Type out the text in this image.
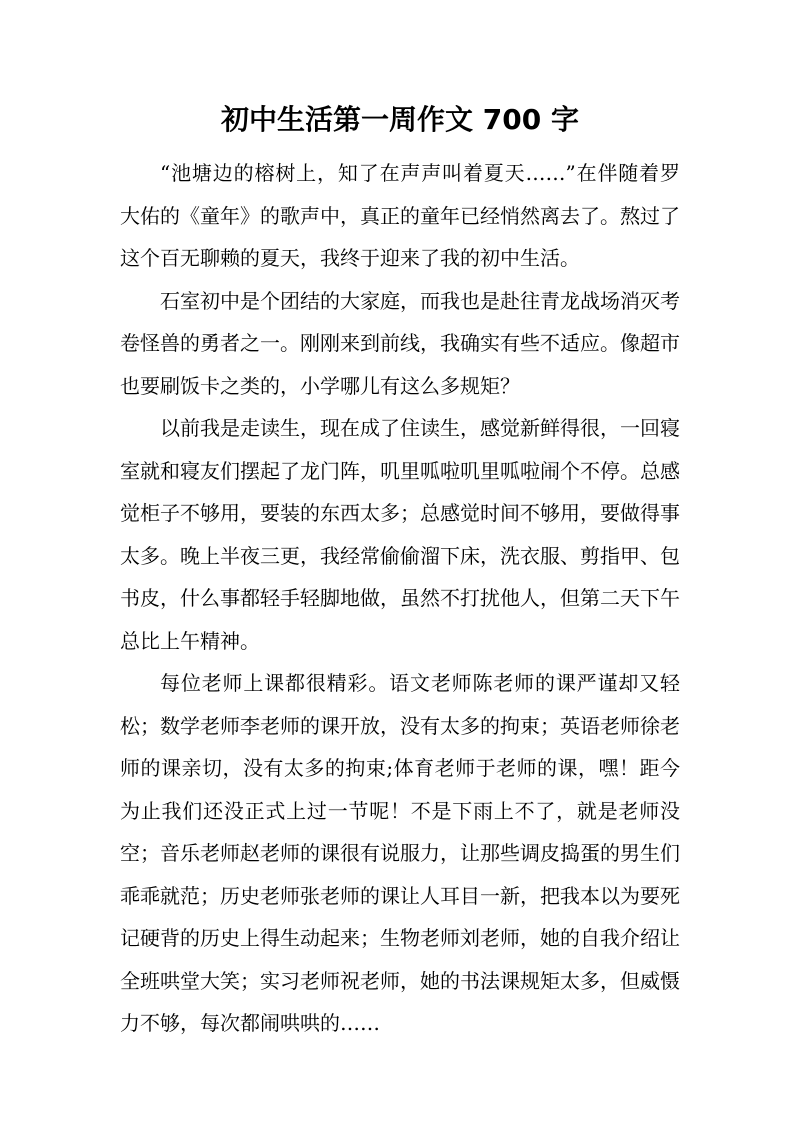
初中生活第一周作文 700 字

“池塘边的榕树上，知了在声声叫着夏天……”在伴随着罗大佑的《童年》的歌声中，真正的童年已经悄然离去了。熬过了这个百无聊赖的夏天，我终于迎来了我的初中生活。

石室初中是个团结的大家庭，而我也是赴往青龙战场消灭考卷怪兽的勇者之一。刚刚来到前线，我确实有些不适应。像超市也要刷饭卡之类的，小学哪儿有这么多规矩？

以前我是走读生，现在成了住读生，感觉新鲜得很，一回寝室就和寝友们摆起了龙门阵，叽里呱啦叽里呱啦闹个不停。总感觉柜子不够用，要装的东西太多；总感觉时间不够用，要做得事太多。晚上半夜三更，我经常偷偷溜下床，洗衣服、剪指甲、包书皮，什么事都轻手轻脚地做，虽然不打扰他人，但第二天下午总比上午精神。

每位老师上课都很精彩。语文老师陈老师的课严谨却又轻松；数学老师李老师的课开放，没有太多的拘束；英语老师徐老师的课亲切，没有太多的拘束;体育老师于老师的课，嘿！距今为止我们还没正式上过一节呢！不是下雨上不了，就是老师没空；音乐老师赵老师的课很有说服力，让那些调皮捣蛋的男生们乖乖就范；历史老师张老师的课让人耳目一新，把我本以为要死记硬背的历史上得生动起来；生物老师刘老师，她的自我介绍让全班哄堂大笑；实习老师祝老师，她的书法课规矩太多，但威慑力不够，每次都闹哄哄的……
